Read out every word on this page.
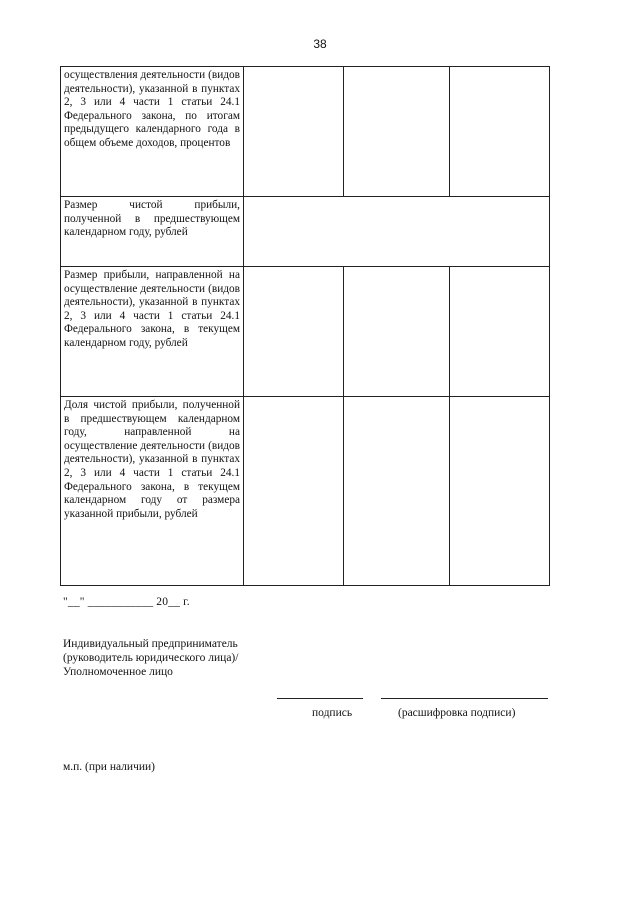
38
осуществления деятельности (видов деятельности), указанной в пунктах 2, 3 или 4 части 1 статьи 24.1 Федерального закона, по итогам предыдущего календарного года в общем объеме доходов, процентов			
Размер чистой прибыли, полученной в предшествующем календарном году, рублей			
Размер прибыли, направленной на осуществление деятельности (видов деятельности), указанной в пунктах 2, 3 или 4 части 1 статьи 24.1 Федерального закона, в текущем календарном году, рублей			
Доля чистой прибыли, полученной в предшествующем календарном году, направленной на осуществление деятельности (видов деятельности), указанной в пунктах 2, 3 или 4 части 1 статьи 24.1 Федерального закона, в текущем календарном году от размера указанной прибыли, рублей			
"__" ___________ 20__ г.
Индивидуальный предприниматель (руководитель юридического лица)/Уполномоченное лицо
подпись	(расшифровка подписи)
м.п. (при наличии)
